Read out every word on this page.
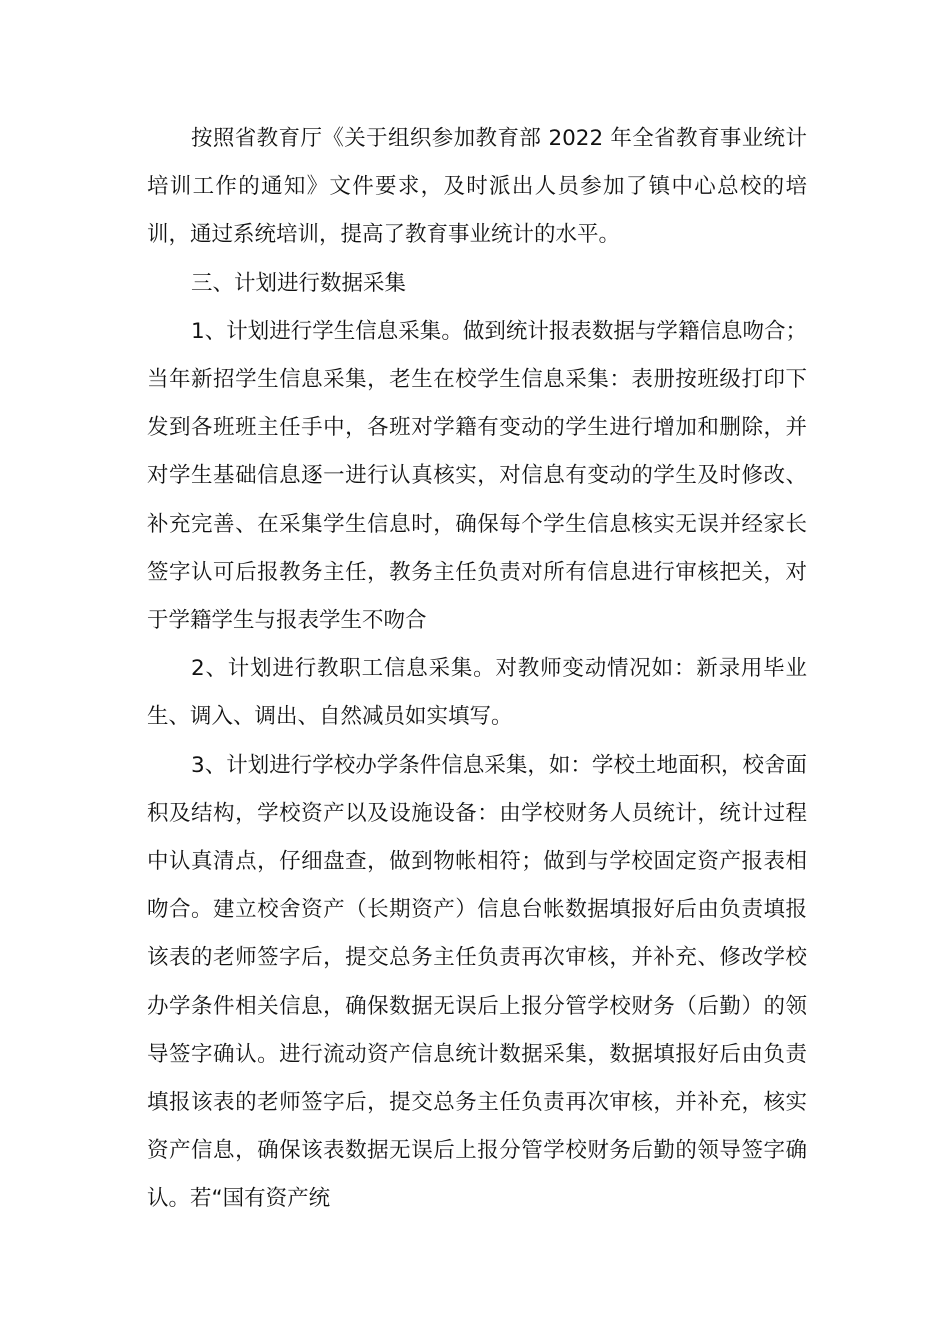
按照省教育厅《关于组织参加教育部 2022 年全省教育事业统计培训工作的通知》文件要求，及时派出人员参加了镇中心总校的培训，通过系统培训，提高了教育事业统计的水平。

三、计划进行数据采集

1、计划进行学生信息采集。做到统计报表数据与学籍信息吻合；当年新招学生信息采集，老生在校学生信息采集：表册按班级打印下发到各班班主任手中，各班对学籍有变动的学生进行增加和删除，并对学生基础信息逐一进行认真核实，对信息有变动的学生及时修改、补充完善、在采集学生信息时，确保每个学生信息核实无误并经家长签字认可后报教务主任，教务主任负责对所有信息进行审核把关，对于学籍学生与报表学生不吻合

2、计划进行教职工信息采集。对教师变动情况如：新录用毕业生、调入、调出、自然减员如实填写。

3、计划进行学校办学条件信息采集，如：学校土地面积，校舍面积及结构，学校资产以及设施设备：由学校财务人员统计，统计过程中认真清点，仔细盘查，做到物帐相符；做到与学校固定资产报表相吻合。建立校舍资产（长期资产）信息台帐数据填报好后由负责填报该表的老师签字后，提交总务主任负责再次审核，并补充、修改学校办学条件相关信息，确保数据无误后上报分管学校财务（后勤）的领导签字确认。进行流动资产信息统计数据采集，数据填报好后由负责填报该表的老师签字后，提交总务主任负责再次审核，并补充，核实资产信息，确保该表数据无误后上报分管学校财务后勤的领导签字确认。若“国有资产统
